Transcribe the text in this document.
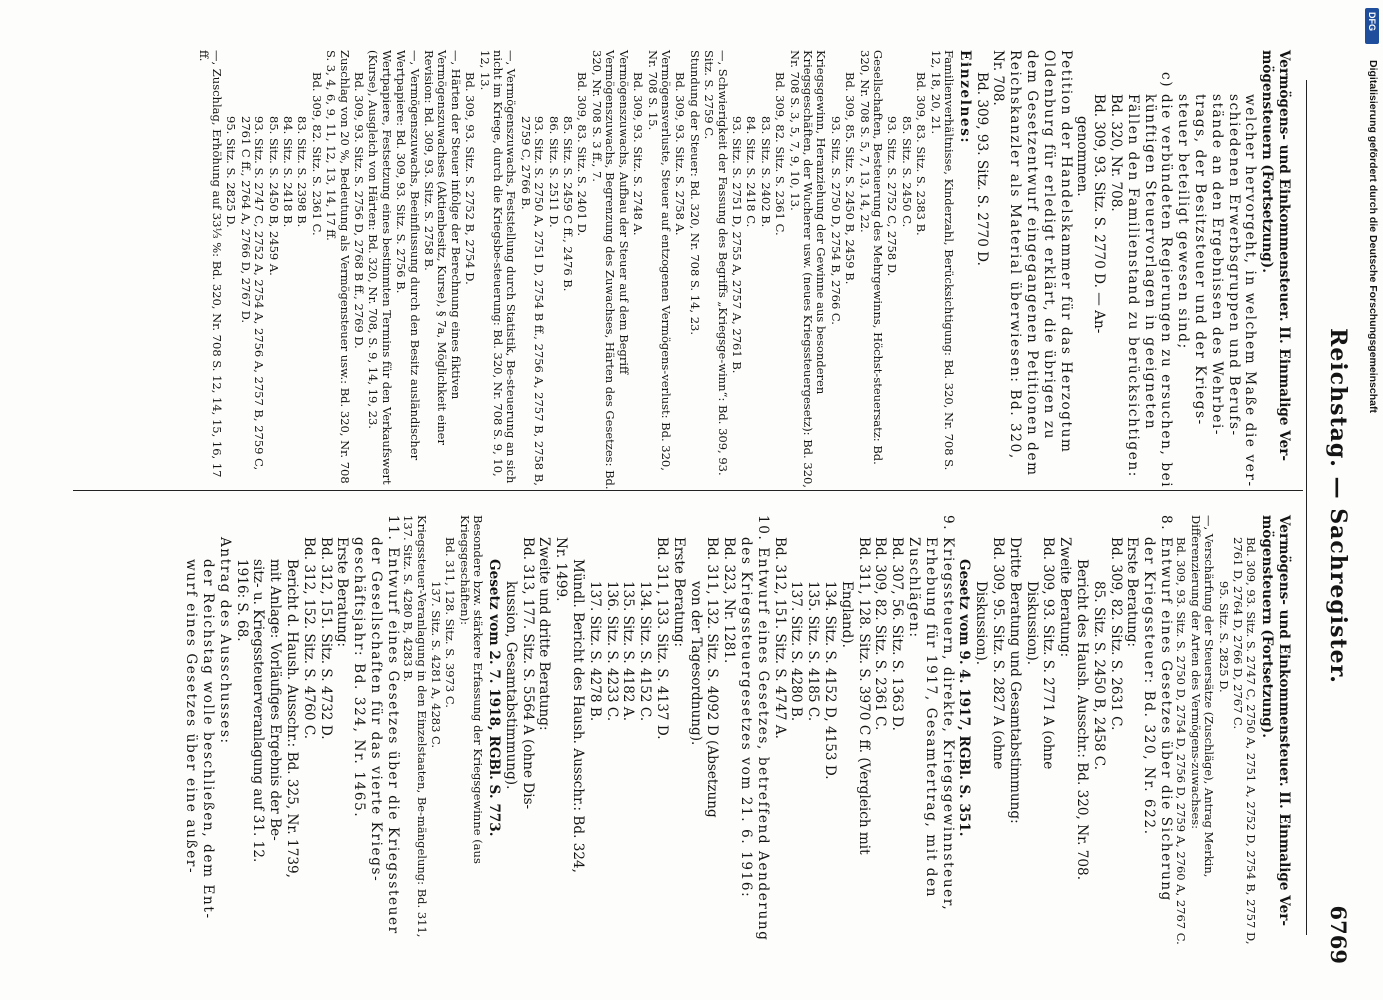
Reichstag. — Sachregister.
6769

Vermögens- und Einkommensteuer. II. Einmalige Ver-

mögensteuern (Fortsetzung).

welcher hervorgeht, in welchem Maße die ver-

schiedenen Erwerbsgruppen und Berufs-

stände an den Ergebnissen des Wehrbei-

trags, der Besitzsteuer und der Kriegs-

steuer beteiligt gewesen sind;

c) die verbündeten Regierungen zu ersuchen, bei

künftigen Steuervorlagen in geeigneten

Fällen den Familienstand zu berücksichtigen:

Bd. 320, Nr. 708.

Bd. 309, 93. Sitz. S. 2770 D. — An-

genommen.

Petition der Handelskammer für das Herzogtum

Oldenburg für erledigt erklärt, die übrigen zu

dem Gesetzentwurf eingegangenen Petitionen dem

Reichskanzler als Material überwiesen: Bd. 320,

Nr. 708.

Bd. 309, 93. Sitz. S. 2770 D.

Einzelnes:

Familienverhältnisse, Kinderzahl, Berücksichtigung: Bd. 320, Nr. 708 S. 12, 18, 20, 21.

Bd. 309, 83. Sitz. S. 2383 B.

85. Sitz. S. 2450 C.

93. Sitz. S. 2752 C, 2758 D.

Gesellschaften, Besteuerung des Mehrgewinns, Höchst-steuersatz: Bd. 320, Nr. 708 S. 5, 7, 13, 14, 22.

Bd. 309, 85. Sitz. S. 2450 B, 2459 B.

93. Sitz. S. 2750 D, 2754 B, 2766 C.

Kriegsgewinn, Heranziehung der Gewinne aus besonderen Kriegsgeschäften, der Wucherer usw. (neues Kriegssteuergesetz): Bd. 320, Nr. 708 S. 3, 5, 7, 9, 10, 13.

Bd. 309, 82. Sitz. S. 2361 C.

83. Sitz. S. 2402 B.

84. Sitz. S. 2418 C.

93. Sitz. S. 2751 D, 2755 A, 2757 A, 2761 B.

—, Schwierigkeit der Fassung des Begriffs „Kriegsge-winn“: Bd. 309, 93. Sitz. S. 2759 C.

Stundung der Steuer: Bd. 320, Nr. 708 S. 14, 23.

Bd. 309, 93. Sitz. S. 2758 A.

Vermögensverluste, Steuer auf entzogenen Vermögens-verlust: Bd. 320, Nr. 708 S. 15.

Bd. 309, 93. Sitz. S. 2748 A.

Vermögenszuwachs, Aufbau der Steuer auf dem Begriff Vermögenszuwachs, Begrenzung des Zuwachses, Härten des Gesetzes: Bd. 320, Nr. 708 S. 3 ff., 7.

Bd. 309, 83. Sitz. S. 2401 D.

85. Sitz. S. 2459 C ff., 2476 B.

86. Sitz. S. 2511 D.

93. Sitz. S. 2750 A, 2751 D, 2754 B ff., 2756 A, 2757 B, 2758 B, 2759 C, 2766 B.

—, Vermögenszuwachs, Feststellung durch Statistik, Be-steuerung an sich nicht im Kriege, durch die Kriegsbe-steuerung: Bd. 320, Nr. 708 S. 9, 10, 12, 13.

Bd. 309, 93. Sitz. S. 2752 B, 2754 D.

—, Härten der Steuer infolge der Berechnung eines fiktiven Vermögenszuwachses (Aktienbesitz, Kurse), § 7a, Möglichkeit einer Revision: Bd. 309, 93. Sitz. S. 2758 B.

—, Vermögenszuwachs, Beeinflussung durch den Besitz ausländischer Wertpapiere: Bd. 309, 93. Sitz. S. 2756 B.

Wertpapiere, Festsetzung eines bestimmten Termins für den Verkaufswert (Kurse), Ausgleich von Härten: Bd. 320, Nr. 708, S. 9, 14, 19, 23.

Bd. 309, 93. Sitz. S. 2756 D, 2768 B ff., 2769 D.

Zuschlag von 20 %, Bedeutung als Vermögensteuer usw.: Bd. 320, Nr. 708 S. 3, 4, 6, 9, 11, 12, 13, 14, 17 ff.

Bd. 309, 82. Sitz. S. 2361 C.

83. Sitz. S. 2398 B.

84. Sitz. S. 2418 B.

85. Sitz. S. 2450 B, 2459 A.

93. Sitz. S. 2747 C, 2752 A, 2754 A, 2756 A, 2757 B, 2759 C, 2761 C ff., 2764 A, 2766 D, 2767 D.

95. Sitz. S. 2825 D.

—, Zuschlag, Erhöhung auf 33⅓ %: Bd. 320, Nr. 708 S. 12, 14, 15, 16, 17 ff.

Vermögens- und Einkommensteuer. II. Einmalige Ver-

mögensteuern (Fortsetzung).

Bd. 309, 93. Sitz. S. 2747 C, 2750 A, 2751 A, 2752 D, 2754 B, 2757 D, 2761 D, 2764 D, 2766 D, 2767 C.

95. Sitz. S. 2825 D.

—, Verschärfung der Steuersätze (Zuschläge), Antrag Merkin, Differenzierung der Arten des Vermögens-zuwachses:

Bd. 309, 93. Sitz. S. 2750 D, 2754 D, 2756 D, 2759 A, 2760 A, 2767 C.

8. Entwurf eines Gesetzes über die Sicherung

der Kriegssteuer: Bd. 320, Nr. 622.

Erste Beratung:

Bd. 309, 82. Sitz. S. 2631 C.

85. Sitz. S. 2450 B, 2458 C.

Bericht des Haush. Ausschr.: Bd. 320, Nr. 708.

Zweite Beratung:

Bd. 309, 93. Sitz. S. 2771 A (ohne

Diskussion).

Dritte Beratung und Gesamtabstimmung:

Bd. 309, 95. Sitz. S. 2827 A (ohne

Diskussion).

Gesetz vom 9. 4. 1917, RGBl. S. 351.

9. Kriegssteuern, direkte, Kriegsgewinnsteuer,

Erhebung für 1917, Gesamtertrag, mit den

Zuschlägen:

Bd. 307, 56. Sitz. S. 1363 D.

Bd. 309, 82. Sitz. S. 2361 C.

Bd. 311, 128. Sitz. S. 3970 C ff. (Vergleich mit

England).

134. Sitz. S. 4152 D, 4153 D.

135. Sitz. S. 4185 C.

137. Sitz. S. 4280 B.

Bd. 312, 151. Sitz. S. 4747 A.

10. Entwurf eines Gesetzes, betreffend Aenderung

des Kriegssteuergesetzes vom 21. 6. 1916:

Bd. 323, Nr. 1281.

Bd. 311, 132. Sitz. S. 4092 D (Absetzung

von der Tagesordnung).

Erste Beratung:

Bd. 311, 133. Sitz. S. 4137 D.

134. Sitz. S. 4152 C.

135. Sitz. S. 4182 A.

136. Sitz. S. 4233 C.

137. Sitz. S. 4278 B.

Mündl. Bericht des Haush. Ausschr.: Bd. 324,

Nr. 1499.

Zweite und dritte Beratung:

Bd. 313, 177. Sitz. S. 5564 A (ohne Dis-

kussion, Gesamtabstimmung).

Gesetz vom 2. 7. 1918, RGBl. S. 773.

Besondere bzw. stärkere Erfassung der Kriegsgewinne (aus Kriegsgeschäften):

Bd. 311, 128. Sitz. S. 3973 C.

137. Sitz. S. 4281 A, 4283 C.

Kriegssteuer-Veranlagung in den Einzelstaaten, Be-mängelung: Bd. 311, 137. Sitz. S. 4280 B, 4283 B.

11. Entwurf eines Gesetzes über die Kriegssteuer

der Gesellschaften für das vierte Kriegs-

geschäftsjahr: Bd. 324, Nr. 1465.

Erste Beratung:

Bd. 312, 151. Sitz. S. 4732 D.

Bd. 312, 152. Sitz. S. 4760 C.

Bericht d. Haush. Ausschr.: Bd. 325, Nr. 1739,

mit Anlage: Vorläufiges Ergebnis der Be-

sitz- u. Kriegssteuerveranlagung auf 31. 12.

1916: S. 68.

Antrag des Ausschusses:

der Reichstag wolle beschließen, dem Ent-

wurf eines Gesetzes über eine außer-

DFG
Digitalisierung gefördert durch die Deutsche Forschungsgemeinschaft
